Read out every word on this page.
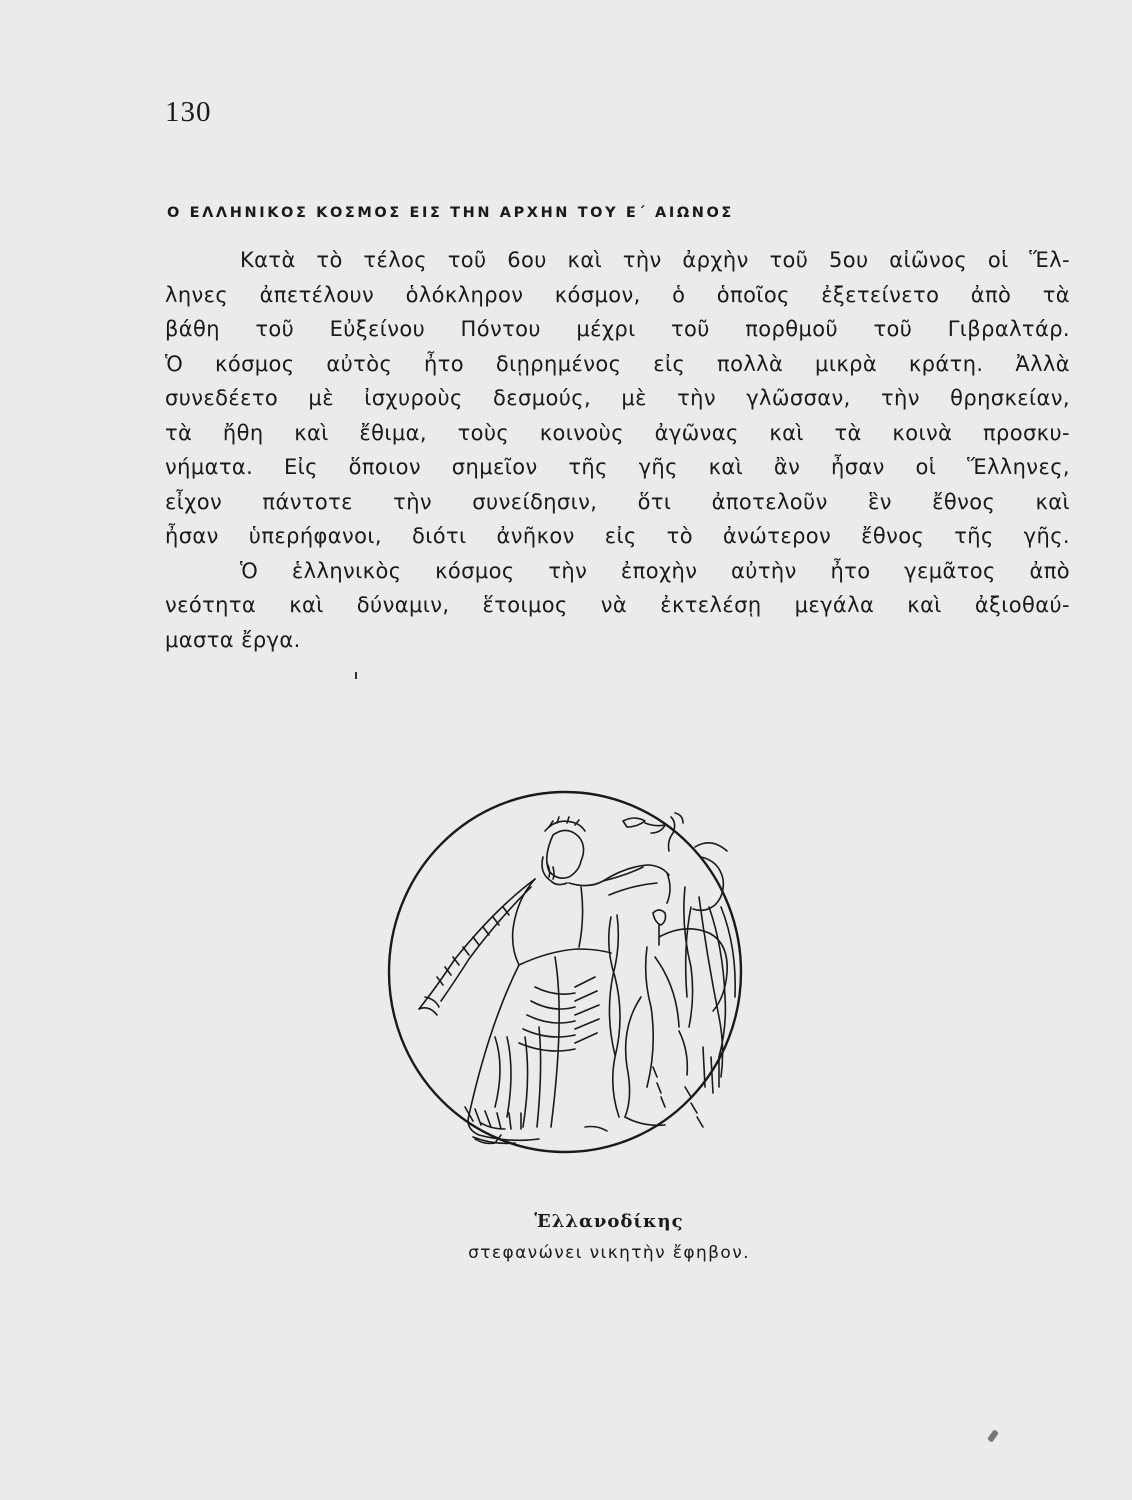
130
Ο ΕΛΛΗΝΙΚΟΣ ΚΟΣΜΟΣ ΕΙΣ ΤΗΝ ΑΡΧΗΝ ΤΟΥ Ε΄ ΑΙΩΝΟΣ
Κατὰ τὸ τέλος τοῦ 6ου καὶ τὴν ἀρχὴν τοῦ 5ου αἰῶνος οἱ Ἕλ-
ληνες ἀπετέλουν ὁλόκληρον κόσμον, ὁ ὁποῖος ἐξετείνετο ἀπὸ τὰ
βάθη τοῦ Εὐξείνου Πόντου μέχρι τοῦ πορθμοῦ τοῦ Γιβραλτάρ.
Ὁ κόσμος αὐτὸς ἦτο διῃρημένος εἰς πολλὰ μικρὰ κράτη. Ἀλλὰ
συνεδέετο μὲ ἰσχυροὺς δεσμούς, μὲ τὴν γλῶσσαν, τὴν θρησκείαν,
τὰ ἤθη καὶ ἔθιμα, τοὺς κοινοὺς ἀγῶνας καὶ τὰ κοινὰ προσκυ-
νήματα. Εἰς ὅποιον σημεῖον τῆς γῆς καὶ ἂν ἦσαν οἱ Ἕλληνες,
εἶχον πάντοτε τὴν συνείδησιν, ὅτι ἀποτελοῦν ἓν ἔθνος καὶ
ἦσαν ὑπερήφανοι, διότι ἀνῆκον εἰς τὸ ἀνώτερον ἔθνος τῆς γῆς.
Ὁ ἑλληνικὸς κόσμος τὴν ἐποχὴν αὐτὴν ἦτο γεμᾶτος ἀπὸ
νεότητα καὶ δύναμιν, ἕτοιμος νὰ ἐκτελέσῃ μεγάλα καὶ ἀξιοθαύ-
μαστα ἔργα.
Ἑλλανοδίκης
στεφανώνει νικητὴν ἔφηβον.
